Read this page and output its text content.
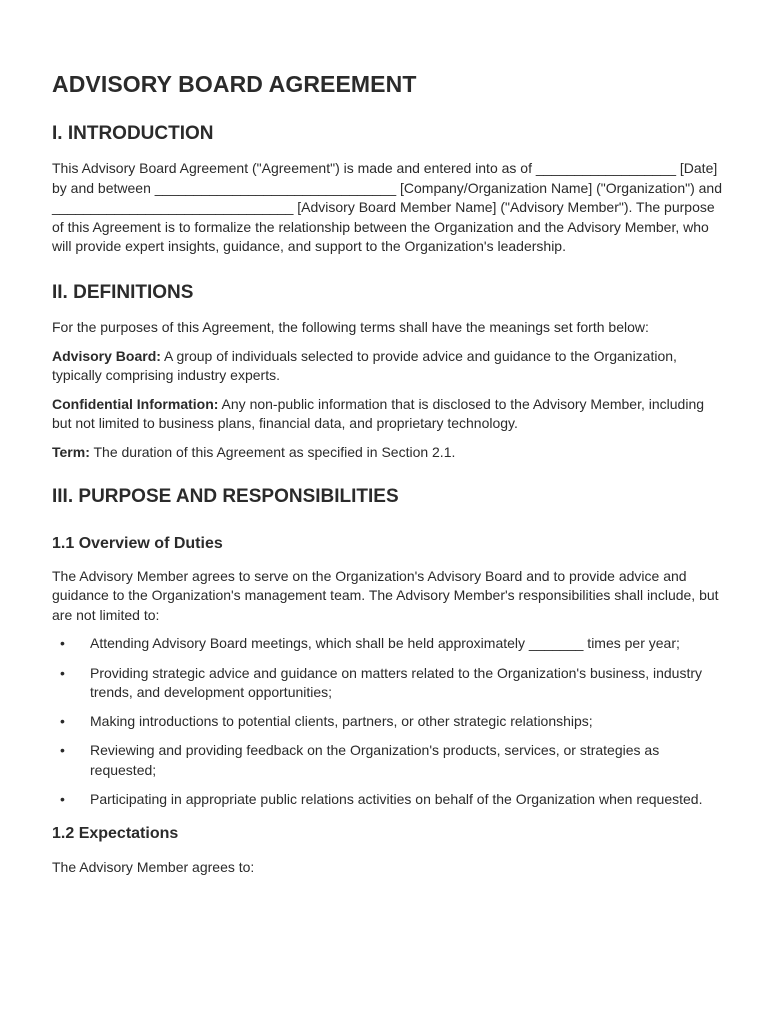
ADVISORY BOARD AGREEMENT
I. INTRODUCTION

This Advisory Board Agreement ("Agreement") is made and entered into as of __________________ [Date] by and between _______________________________ [Company/Organization Name] ("Organization") and _______________________________ [Advisory Board Member Name] ("Advisory Member"). The purpose of this Agreement is to formalize the relationship between the Organization and the Advisory Member, who will provide expert insights, guidance, and support to the Organization's leadership.

II. DEFINITIONS

For the purposes of this Agreement, the following terms shall have the meanings set forth below:

Advisory Board: A group of individuals selected to provide advice and guidance to the Organization, typically comprising industry experts.

Confidential Information: Any non-public information that is disclosed to the Advisory Member, including but not limited to business plans, financial data, and proprietary technology.

Term: The duration of this Agreement as specified in Section 2.1.

III. PURPOSE AND RESPONSIBILITIES
1.1 Overview of Duties

The Advisory Member agrees to serve on the Organization's Advisory Board and to provide advice and guidance to the Organization's management team. The Advisory Member's responsibilities shall include, but are not limited to:

• Attending Advisory Board meetings, which shall be held approximately _______ times per year;
• Providing strategic advice and guidance on matters related to the Organization's business, industry trends, and development opportunities;
• Making introductions to potential clients, partners, or other strategic relationships;
• Reviewing and providing feedback on the Organization's products, services, or strategies as requested;
• Participating in appropriate public relations activities on behalf of the Organization when requested.
1.2 Expectations

The Advisory Member agrees to:
